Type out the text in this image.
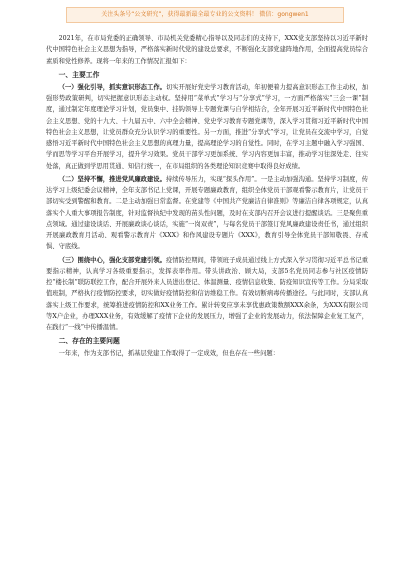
关注头条号“公文研究”，获得最新最全最专业的公文资料！ 微信：gongwen1

2021年，在市局党委的正确领导、市局机关党委精心指导以及同志们的支持下，XXX党支部坚持以习近平新时代中国特色社会主义思想为指导，严格落实新时代党的建设总要求，不断强化支部党建阵地作用，全面提高党员综合素质和党性修养。现将一年来的工作情况汇报如下：

一、主要工作

（一）强化引导，抓实意识形态工作。切实开展好党史学习教育活动，年初便着力提高意识形态工作主动权，加强形势政策研判，切实把握意识形态主动权。坚持用“菜单式”学习与“分享式”学习，一方面严格落实“三会一课”制度，通过制定年度理论学习计划，党员集中、挂钩领导上专题党课与自学相结合，全年开展习近平新时代中国特色社会主义思想、党的十九大、十九届五中、六中全会精神、党史学习教育专题党课等，深入学习贯彻习近平新时代中国特色社会主义思想，让党员群众充分认识学习的重要性。另一方面，推进“分享式”学习，让党员在交流中学习，自觉感悟习近平新时代中国特色社会主义思想的真理力量，提高理论学习的自觉性。同时，在学习主题中融入学习强国、学而思等学习平台开展学习，提升学习效果。党员干部学习更加系统、学习内容更加丰富，推动学习往深处走、往实处落，真正做到学思用贯通、知信行统一，在市局组织的各类理论知识竞赛中取得良好成绩。

（二）坚持不懈，推进党风廉政建设。持续传导压力，实现“探头作用”。一是主动加强沟通。坚持学习制度，传达学习上级纪委会议精神，全年支部书记上党课，开展专题廉政教育，组织全体党员干部观看警示教育片，让党员干部切实受到警醒和教育。二是主动加强日常监督。在党建等《中国共产党廉洁自律准则》等廉洁自律各项规定，认真落实个人重大事项报告制度，针对监督执纪中发现的苗头性问题，及时在支部内召开会议进行提醒谈话。三是聚焦重点领域。通过建设谈话、开展廉政谈心谈话，实施“一岗双责”，与每名党员干部签订党风廉政建设责任书，通过组织开展廉政教育月活动、观看警示教育片《XXX》和作风建设专题片《XXX》，教育引导全体党员干部知敬畏、存戒惧、守底线。

（三）围绕中心，强化支部党建引领。疫情防控期间，带领班子成员通过线上方式深入学习贯彻习近平总书记重要指示精神，认真学习各级重要指示，发挥表率作用。带头讲政治、顾大局，支部5名党员同志参与社区疫情防控“楼长制”联防联控工作，配合开展外来人员进出登记、体温测量、疫情信息收集、防疫知识宣传等工作。分局采取值班制，严格执行疫情防控要求，切实做好疫情防控和信访维稳工作。有效切断病毒传播途径。与此同时，支部认真落实上级工作要求，统筹推进疫情防控和XX业务工作。累计转变应享未享优惠政策数额XXX余条，为XXX有限公司等X户企业，办理XXX业务，有效缓解了疫情下企业的发展压力，增强了企业的发展动力，依法保障企业复工复产，在践行“一线”中传播温情。

二、存在的主要问题

一年来，作为支部书记，抓基层党建工作取得了一定成效，但也存在一些问题：
